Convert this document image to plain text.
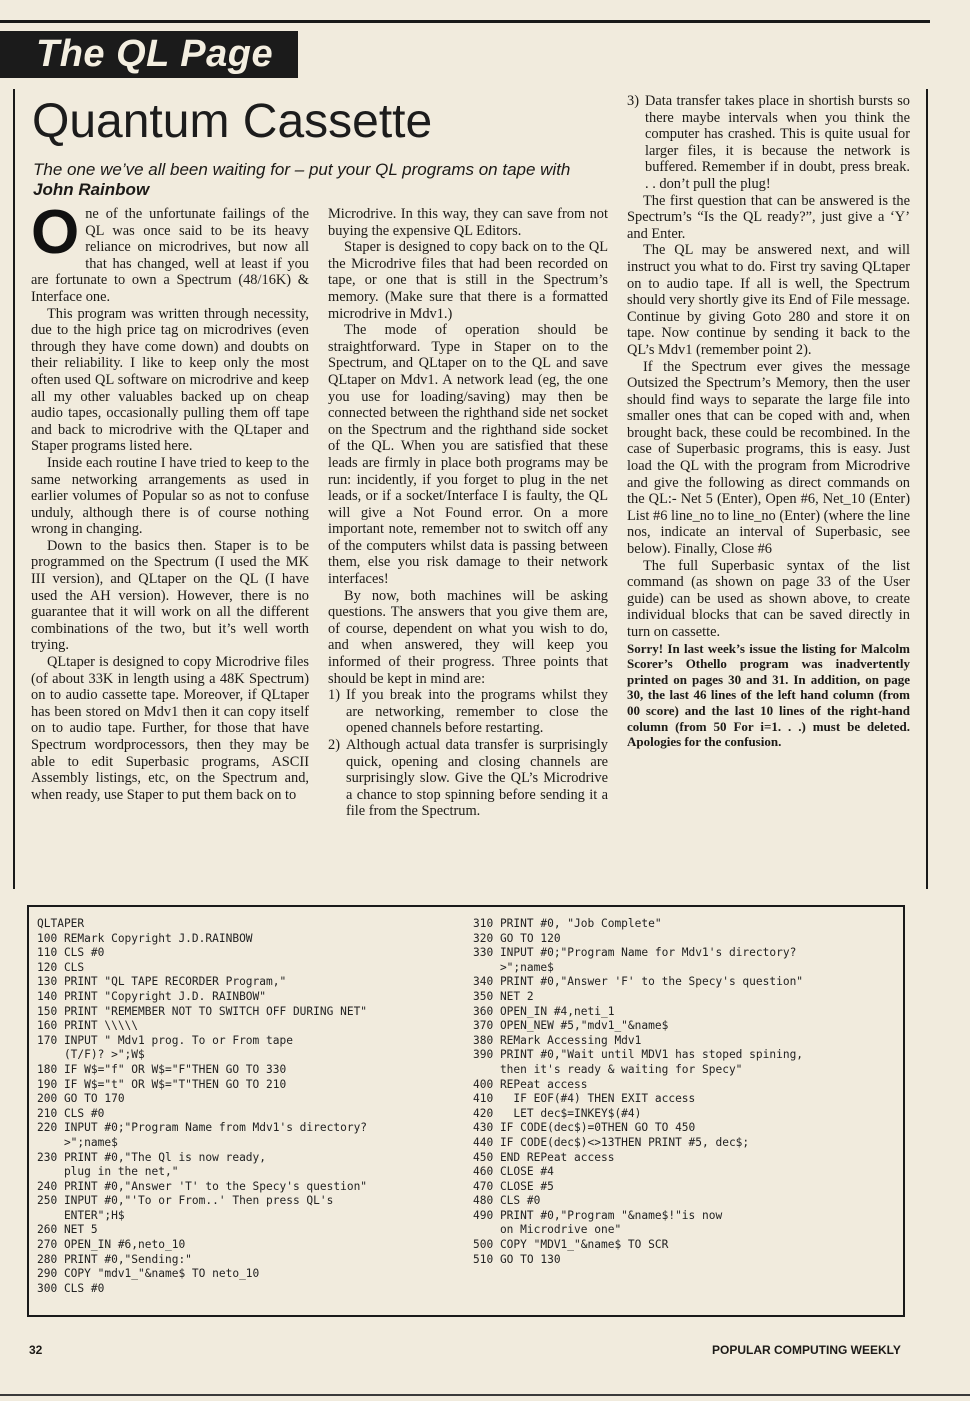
The QL Page
Quantum Cassette
The one we’ve all been waiting for – put your QL programs on tape with John Rainbow

One of the unfortunate failings of the QL was once said to be its heavy reliance on microdrives, but now all that has changed, well at least if you are fortunate to own a Spectrum (48/16K) & Interface one.

This program was written through necessity, due to the high price tag on microdrives (even through they have come down) and doubts on their reliability. I like to keep only the most often used QL software on microdrive and keep all my other valuables backed up on cheap audio tapes, occasionally pulling them off tape and back to microdrive with the QLtaper and Staper programs listed here.

Inside each routine I have tried to keep to the same networking arrangements as used in earlier volumes of Popular so as not to confuse unduly, although there is of course nothing wrong in changing.

Down to the basics then. Staper is to be programmed on the Spectrum (I used the MK III version), and QLtaper on the QL (I have used the AH version). However, there is no guarantee that it will work on all the different combinations of the two, but it’s well worth trying.

QLtaper is designed to copy Microdrive files (of about 33K in length using a 48K Spectrum) on to audio cassette tape. Moreover, if QLtaper has been stored on Mdv1 then it can copy itself on to audio tape. Further, for those that have Spectrum wordprocessors, then they may be able to edit Superbasic programs, ASCII Assembly listings, etc, on the Spectrum and, when ready, use Staper to put them back on to

Microdrive. In this way, they can save from not buying the expensive QL Editors.

Staper is designed to copy back on to the QL the Microdrive files that had been recorded on tape, or one that is still in the Spectrum’s memory. (Make sure that there is a formatted microdrive in Mdv1.)

The mode of operation should be straightforward. Type in Staper on to the Spectrum, and QLtaper on to the QL and save QLtaper on Mdv1. A network lead (eg, the one you use for loading/saving) may then be connected between the righthand side net socket on the Spectrum and the righthand side socket of the QL. When you are satisfied that these leads are firmly in place both programs may be run: incidently, if you forget to plug in the net leads, or if a socket/Interface I is faulty, the QL will give a Not Found error. On a more important note, remember not to switch off any of the computers whilst data is passing between them, else you risk damage to their network interfaces!

By now, both machines will be asking questions. The answers that you give them are, of course, dependent on what you wish to do, and when answered, they will keep you informed of their progress. Three points that should be kept in mind are:

1) If you break into the programs whilst they are networking, remember to close the opened channels before restarting.
2) Although actual data transfer is surprisingly quick, opening and closing channels are surprisingly slow. Give the QL’s Microdrive a chance to stop spinning before sending it a file from the Spectrum.
3) Data transfer takes place in shortish bursts so there maybe intervals when you think the computer has crashed. This is quite usual for larger files, it is because the network is buffered. Remember if in doubt, press break. . . don’t pull the plug!

The first question that can be answered is the Spectrum’s “Is the QL ready?”, just give a ‘Y’ and Enter.

The QL may be answered next, and will instruct you what to do. First try saving QLtaper on to audio tape. If all is well, the Spectrum should very shortly give its End of File message. Continue by giving Goto 280 and store it on tape. Now continue by sending it back to the QL’s Mdv1 (remember point 2).

If the Spectrum ever gives the message Outsized the Spectrum’s Memory, then the user should find ways to separate the large file into smaller ones that can be coped with and, when brought back, these could be recombined. In the case of Superbasic programs, this is easy. Just load the QL with the program from Microdrive and give the following as direct commands on the QL:- Net 5 (Enter), Open #6, Net_10 (Enter) List #6 line_no to line_no (Enter) (where the line nos, indicate an interval of Superbasic, see below). Finally, Close #6

The full Superbasic syntax of the list command (as shown on page 33 of the User guide) can be used as shown above, to create individual blocks that can be saved directly in turn on cassette.

Sorry! In last week’s issue the listing for Malcolm Scorer’s Othello program was inadvertently printed on pages 30 and 31. In addition, on page 30, the last 46 lines of the left hand column (from 00 score) and the last 10 lines of the right-hand column (from 50 For i=1. . .) must be deleted. Apologies for the confusion.

QLTAPER
100 REMark Copyright J.D.RAINBOW
110 CLS #0
120 CLS
130 PRINT "QL TAPE RECORDER Program,"
140 PRINT "Copyright J.D. RAINBOW"
150 PRINT "REMEMBER NOT TO SWITCH OFF DURING NET"
160 PRINT \\\\\
170 INPUT " Mdv1 prog. To or From tape
(T/F)? >";W$
180 IF W$="f" OR W$="F"THEN GO TO 330
190 IF W$="t" OR W$="T"THEN GO TO 210
200 GO TO 170
210 CLS #0
220 INPUT #0;"Program Name from Mdv1's directory?
>";name$
230 PRINT #0,"The Ql is now ready,
plug in the net,"
240 PRINT #0,"Answer 'T' to the Specy's question"
250 INPUT #0,"'To or From..' Then press QL's
ENTER";H$
260 NET 5
270 OPEN_IN #6,neto_10
280 PRINT #0,"Sending:"
290 COPY "mdv1_"&name$ TO neto_10
300 CLS #0
310 PRINT #0, "Job Complete"
320 GO TO 120
330 INPUT #0;"Program Name for Mdv1's directory?
>";name$
340 PRINT #0,"Answer 'F' to the Specy's question"
350 NET 2
360 OPEN_IN #4,neti_1
370 OPEN_NEW #5,"mdv1_"&name$
380 REMark Accessing Mdv1
390 PRINT #0,"Wait until MDV1 has stoped spining,
then it's ready & waiting for Specy"
400 REPeat access
410   IF EOF(#4) THEN EXIT access
420   LET dec$=INKEY$(#4)
430 IF CODE(dec$)=0THEN GO TO 450
440 IF CODE(dec$)<>13THEN PRINT #5, dec$;
450 END REPeat access
460 CLOSE #4
470 CLOSE #5
480 CLS #0
490 PRINT #0,"Program "&name$!"is now
on Microdrive one"
500 COPY "MDV1_"&name$ TO SCR
510 GO TO 130
32	POPULAR COMPUTING WEEKLY
